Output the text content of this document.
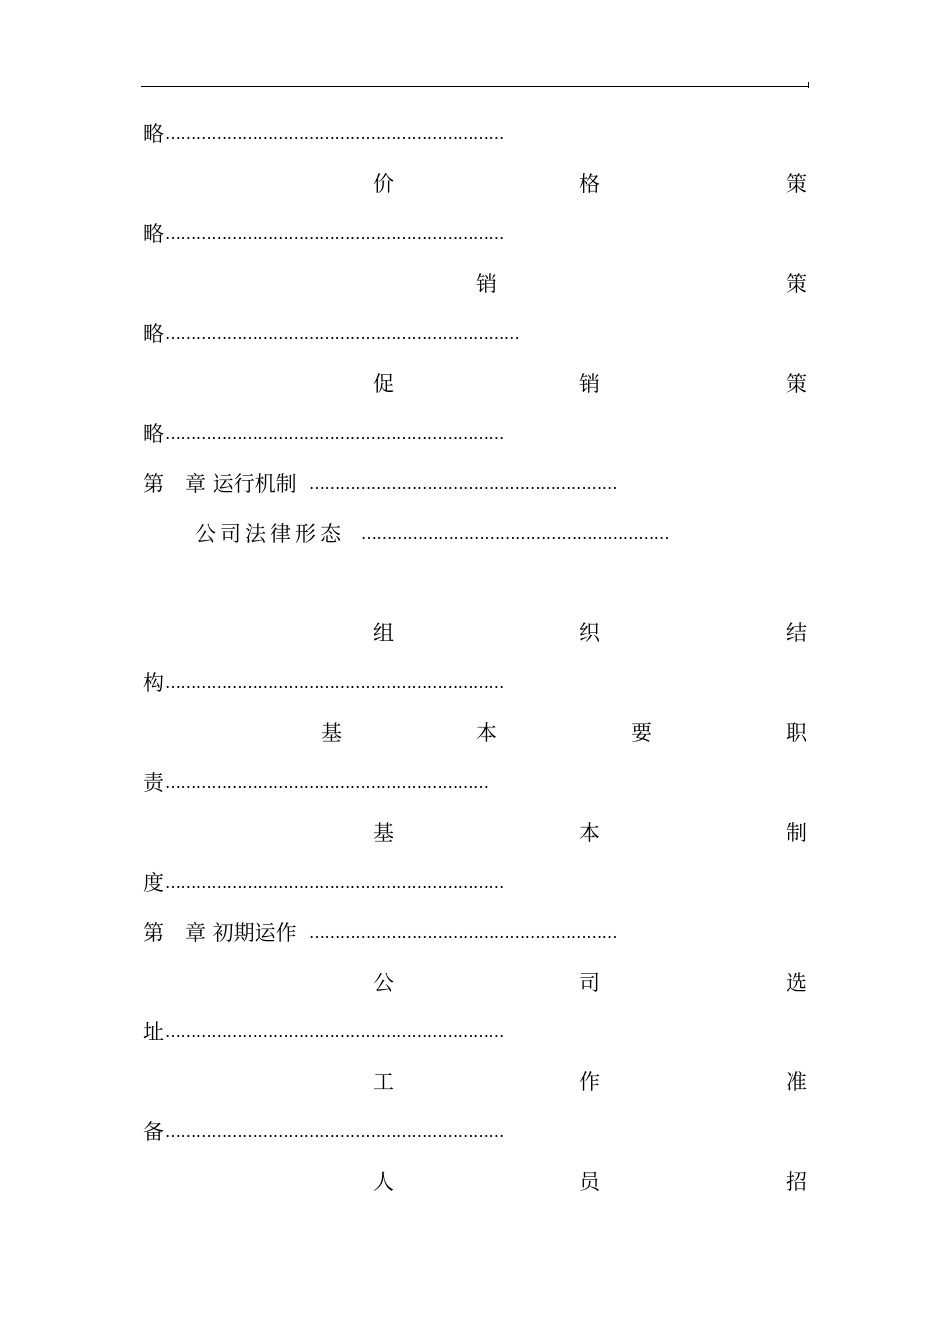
略 …………………………………………………………
价	格	策
略 …………………………………………………………
销	策
略 ……………………………………………………………
促	销	策
略 …………………………………………………………
第　章 运行机制 ……………………………………………………
公司法律形态 ……………………………………………………
组	织	结
构 …………………………………………………………
基	本	要	职
责 ………………………………………………………
基	本	制
度 …………………………………………………………
第　章 初期运作 ……………………………………………………
公	司	选
址 …………………………………………………………
工	作	准
备 …………………………………………………………
人	员	招
